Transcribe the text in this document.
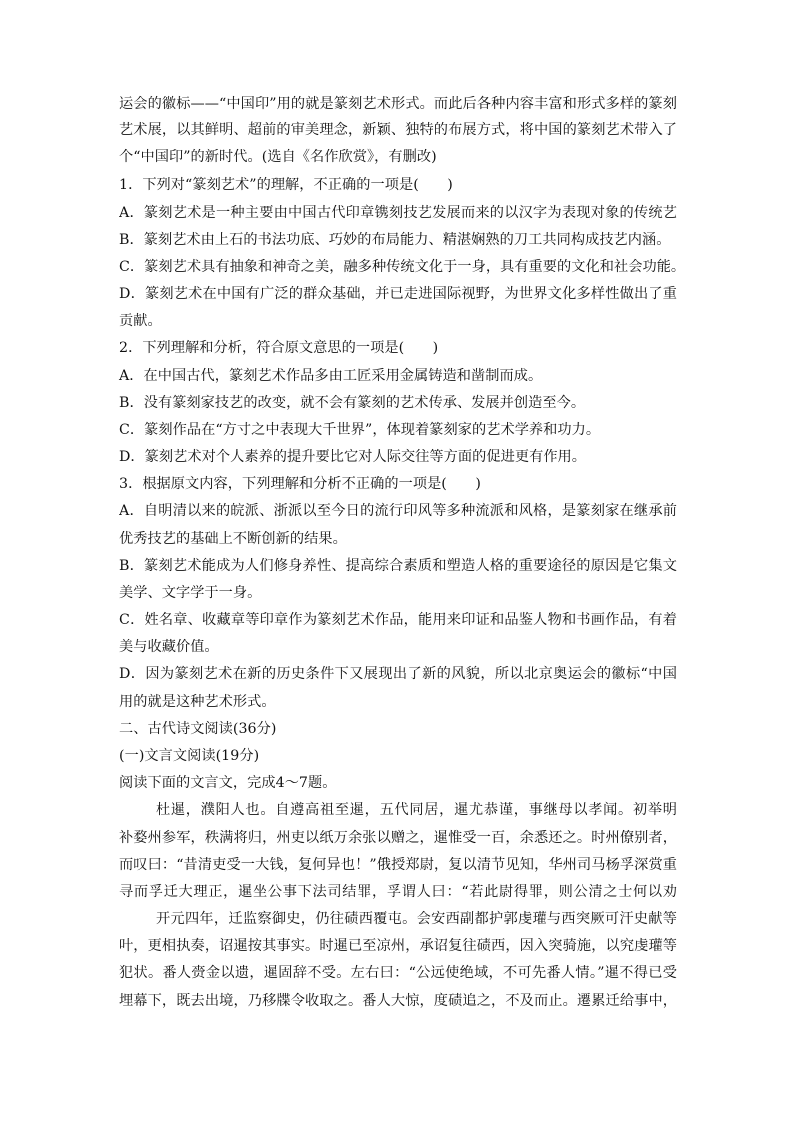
运会的徽标——“中国印”用的就是篆刻艺术形式。而此后各种内容丰富和形式多样的篆刻
艺术展，以其鲜明、超前的审美理念，新颖、独特的布展方式，将中国的篆刻艺术带入了
个“中国印”的新时代。(选自《名作欣赏》，有删改)
1．下列对“篆刻艺术”的理解，不正确的一项是(　　)
A．篆刻艺术是一种主要由中国古代印章镌刻技艺发展而来的以汉字为表现对象的传统艺
B．篆刻艺术由上石的书法功底、巧妙的布局能力、精湛娴熟的刀工共同构成技艺内涵。
C．篆刻艺术具有抽象和神奇之美，融多种传统文化于一身，具有重要的文化和社会功能。
D．篆刻艺术在中国有广泛的群众基础，并已走进国际视野，为世界文化多样性做出了重
贡献。
2．下列理解和分析，符合原文意思的一项是(　　)
A．在中国古代，篆刻艺术作品多由工匠采用金属铸造和凿制而成。
B．没有篆刻家技艺的改变，就不会有篆刻的艺术传承、发展并创造至今。
C．篆刻作品在“方寸之中表现大千世界”，体现着篆刻家的艺术学养和功力。
D．篆刻艺术对个人素养的提升要比它对人际交往等方面的促进更有作用。
3．根据原文内容，下列理解和分析不正确的一项是(　　)
A．自明清以来的皖派、浙派以至今日的流行印风等多种流派和风格，是篆刻家在继承前
优秀技艺的基础上不断创新的结果。
B．篆刻艺术能成为人们修身养性、提高综合素质和塑造人格的重要途径的原因是它集文
美学、文字学于一身。
C．姓名章、收藏章等印章作为篆刻艺术作品，能用来印证和品鉴人物和书画作品，有着
美与收藏价值。
D．因为篆刻艺术在新的历史条件下又展现出了新的风貌，所以北京奥运会的徽标“中国
用的就是这种艺术形式。
二、古代诗文阅读(36分)
(一)文言文阅读(19分)
阅读下面的文言文，完成4～7题。
杜暹，濮阳人也。自遵高祖至暹，五代同居，暹尤恭谨，事继母以孝闻。初举明
补婺州参军，秩满将归，州吏以纸万余张以赠之，暹惟受一百，余悉还之。时州僚别者，
而叹曰：“昔清吏受一大钱，复何异也！”俄授郑尉，复以清节见知，华州司马杨孚深赏重
寻而孚迁大理正，暹坐公事下法司结罪，孚谓人曰：“若此尉得罪，则公清之士何以劝
开元四年，迁监察御史，仍往碛西覆屯。会安西副都护郭虔瓘与西突厥可汗史献等
叶，更相执奏，诏暹按其事实。时暹已至凉州，承诏复往碛西，因入突骑施，以究虔瓘等
犯状。番人赍金以遗，暹固辞不受。左右曰：“公远使绝域，不可先番人情。”暹不得已受
埋幕下，既去出境，乃移牒令收取之。番人大惊，度碛追之，不及而止。遷累迁给事中，
